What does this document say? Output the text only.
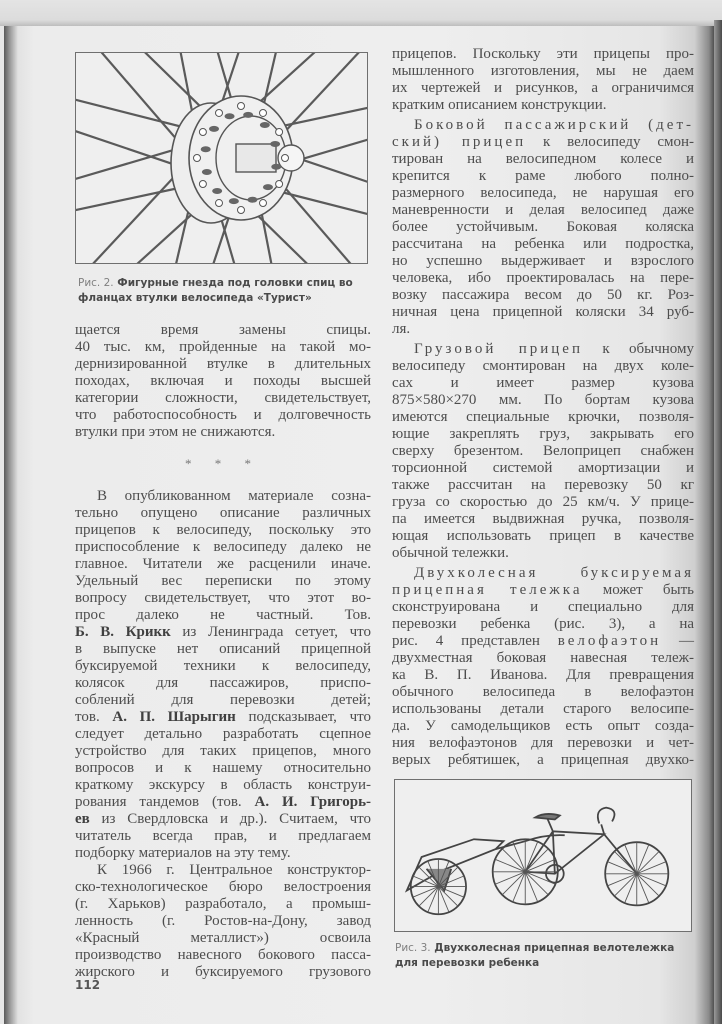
Рис. 2. Фигурные гнезда под головки спиц во
фланцах втулки велосипеда «Турист»

щается время замены спицы.

40 тыс. км, пройденные на такой мо-

дернизированной втулке в длительных

походах, включая и походы высшей

категории сложности, свидетельствует,

что работоспособность и долговечность

втулки при этом не снижаются.

* * *

В опубликованном материале созна-

тельно опущено описание различных

прицепов к велосипеду, поскольку это

приспособление к велосипеду далеко не

главное. Читатели же расценили иначе.

Удельный вес переписки по этому

вопросу свидетельствует, что этот во-

прос далеко не частный. Тов.

Б. В. Крикк из Ленинграда сетует, что

в выпуске нет описаний прицепной

буксируемой техники к велосипеду,

колясок для пассажиров, приспо-

соблений для перевозки детей;

тов. А. П. Шарыгин подсказывает, что

следует детально разработать сцепное

устройство для таких прицепов, много

вопросов и к нашему относительно

краткому экскурсу в область конструи-

рования тандемов (тов. А. И. Григорь-

ев из Свердловска и др.). Считаем, что

читатель всегда прав, и предлагаем

подборку материалов на эту тему.

К 1966 г. Центральное конструктор-

ско-технологическое бюро велостроения

(г. Харьков) разработало, а промыш-

ленность (г. Ростов-на-Дону, завод

«Красный металлист») освоила

производство навесного бокового пасса-

жирского и буксируемого грузового

прицепов. Поскольку эти прицепы про-

мышленного изготовления, мы не даем

их чертежей и рисунков, а ограничимся

кратким описанием конструкции.

Боковой пассажирский (дет-

ский) прицеп к велосипеду смон-

тирован на велосипедном колесе и

крепится к раме любого полно-

размерного велосипеда, не нарушая его

маневренности и делая велосипед даже

более устойчивым. Боковая коляска

рассчитана на ребенка или подростка,

но успешно выдерживает и взрослого

человека, ибо проектировалась на пере-

возку пассажира весом до 50 кг. Роз-

ничная цена прицепной коляски 34 руб-

ля.

Грузовой прицеп к обычному

велосипеду смонтирован на двух коле-

сах и имеет размер кузова

875×580×270 мм. По бортам кузова

имеются специальные крючки, позволя-

ющие закреплять груз, закрывать его

сверху брезентом. Велоприцеп снабжен

торсионной системой амортизации и

также рассчитан на перевозку 50 кг

груза со скоростью до 25 км/ч. У прице-

па имеется выдвижная ручка, позволя-

ющая использовать прицеп в качестве

обычной тележки.

Двухколесная буксируемая

прицепная тележка может быть

сконструирована и специально для

перевозки ребенка (рис. 3), а на

рис. 4 представлен велофаэтон —

двухместная боковая навесная тележ-

ка В. П. Иванова. Для превращения

обычного велосипеда в велофаэтон

использованы детали старого велосипе-

да. У самодельщиков есть опыт созда-

ния велофаэтонов для перевозки и чет-

верых ребятишек, а прицепная двухко-

Рис. 3. Двухколесная прицепная велотележка
для перевозки ребенка
112
